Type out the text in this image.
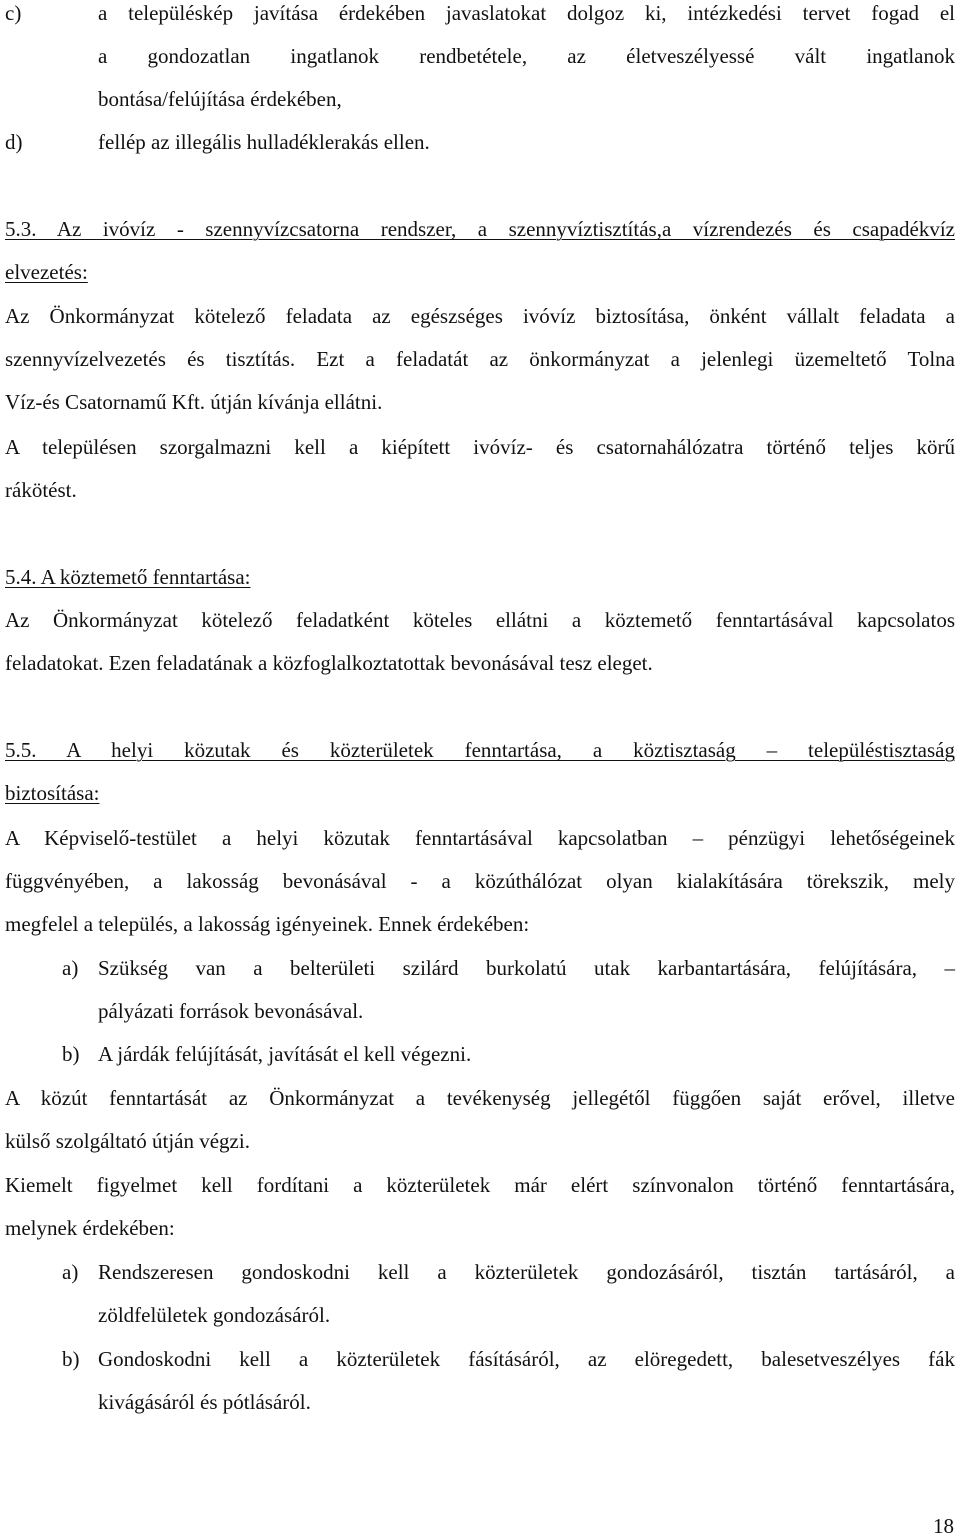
c)	a településkép javítása érdekében javaslatokat dolgoz ki, intézkedési tervet fogad el
a gondozatlan ingatlanok rendbetétele, az életveszélyessé vált ingatlanok
bontása/felújítása érdekében,
d)	fellép az illegális hulladéklerakás ellen.
5.3. Az ivóvíz - szennyvízcsatorna rendszer, a szennyvíztisztítás,a vízrendezés és csapadékvíz
elvezetés:
Az Önkormányzat kötelező feladata az egészséges ivóvíz biztosítása, önként vállalt feladata a
szennyvízelvezetés és tisztítás. Ezt a feladatát az önkormányzat a jelenlegi üzemeltető Tolna
Víz-és Csatornamű Kft. útján kívánja ellátni.
A településen szorgalmazni kell a kiépített ivóvíz- és csatornahálózatra történő teljes körű
rákötést.
5.4. A köztemető fenntartása:
Az Önkormányzat kötelező feladatként köteles ellátni a köztemető fenntartásával kapcsolatos
feladatokat. Ezen feladatának a közfoglalkoztatottak bevonásával tesz eleget.
5.5. A helyi közutak és közterületek fenntartása, a köztisztaság – településtisztaság
biztosítása:
A Képviselő-testület a helyi közutak fenntartásával kapcsolatban – pénzügyi lehetőségeinek
függvényében, a lakosság bevonásával - a közúthálózat olyan kialakítására törekszik, mely
megfelel a település, a lakosság igényeinek. Ennek érdekében:
a) Szükség van a belterületi szilárd burkolatú utak karbantartására, felújítására, –
pályázati források bevonásával.
b) A járdák felújítását, javítását el kell végezni.
A közút fenntartását az Önkormányzat a tevékenység jellegétől függően saját erővel, illetve
külső szolgáltató útján végzi.
Kiemelt figyelmet kell fordítani a közterületek már elért színvonalon történő fenntartására,
melynek érdekében:
a) Rendszeresen gondoskodni kell a közterületek gondozásáról, tisztán tartásáról, a
zöldfelületek gondozásáról.
b) Gondoskodni kell a közterületek fásításáról, az elöregedett, balesetveszélyes fák
kivágásáról és pótlásáról.
18
